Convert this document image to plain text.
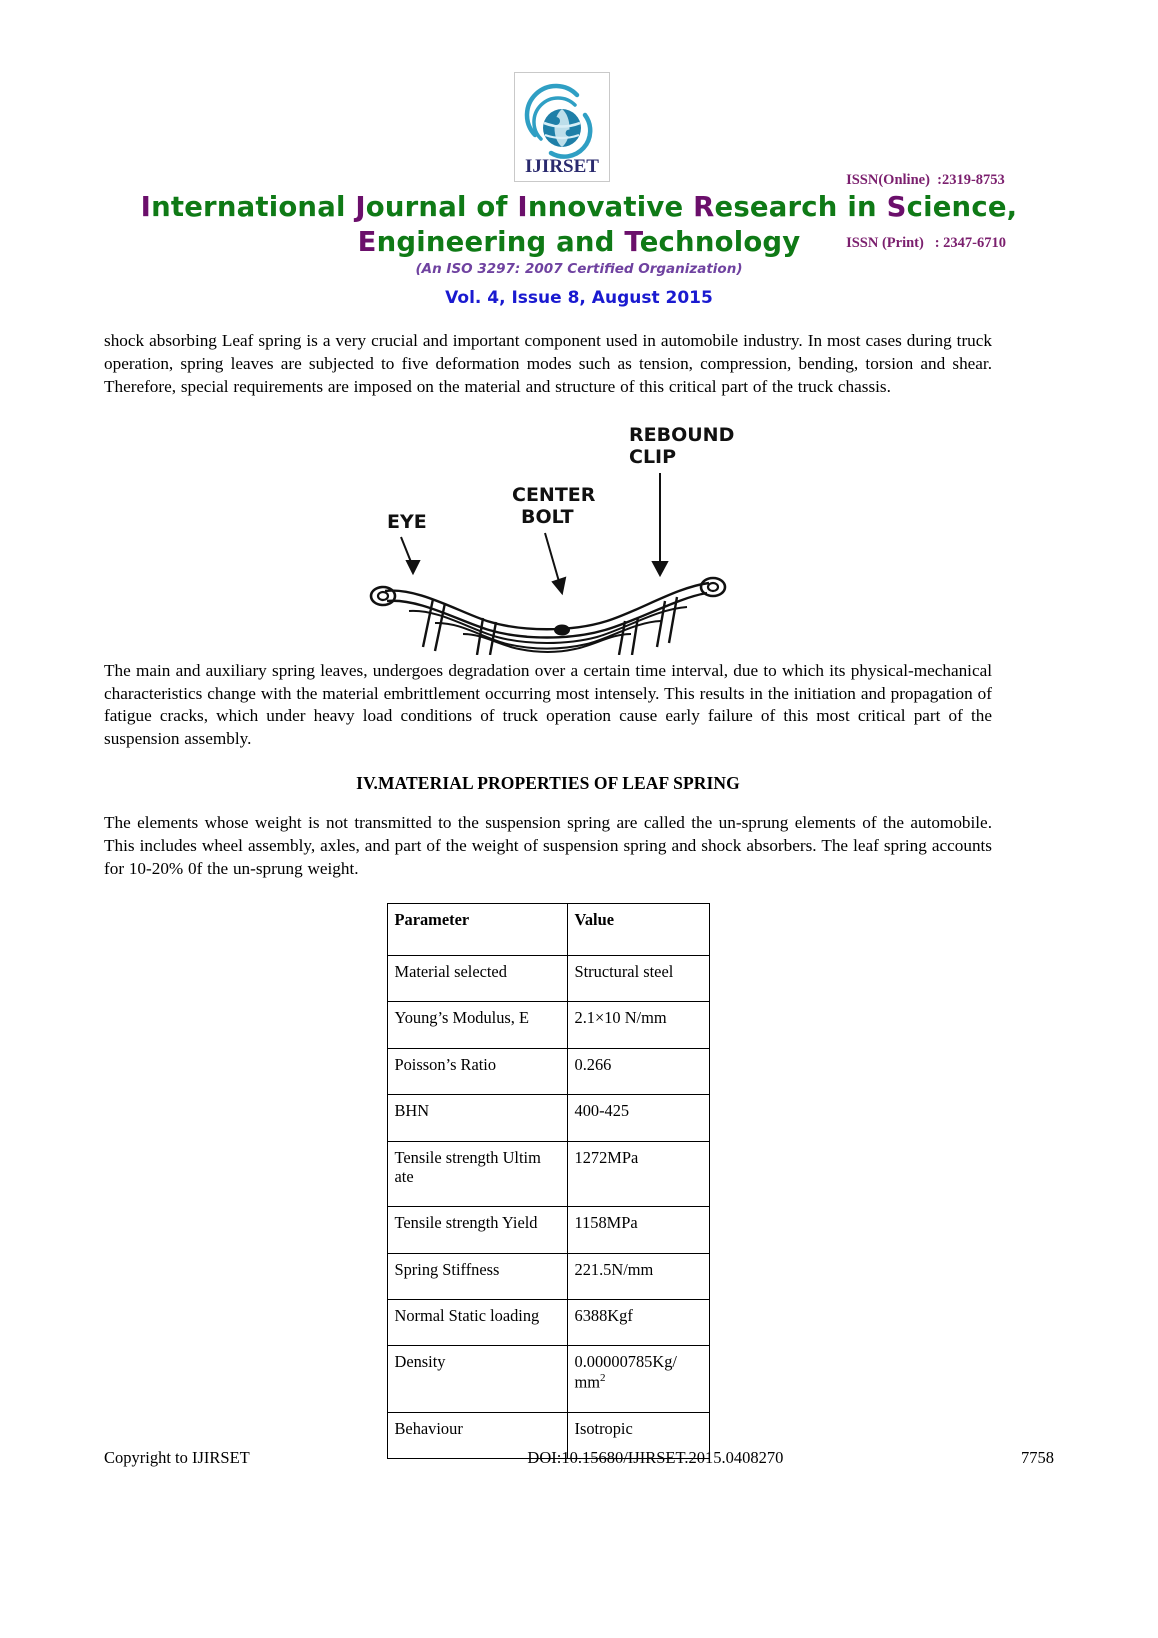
IJIRSET

ISSN(Online)  :2319-8753

ISSN (Print)   : 2347-6710

International Journal of Innovative Research in Science,
Engineering and Technology
(An ISO 3297: 2007 Certified Organization)
Vol. 4, Issue 8, August 2015

shock absorbing Leaf spring is a very crucial and important component used in automobile industry. In most cases during truck operation, spring leaves are subjected to five deformation modes such as tension, compression, bending, torsion and shear. Therefore, special requirements are imposed on the material and structure of this critical part of the truck chassis.

EYE
CENTER
BOLT
REBOUND
CLIP

The main and auxiliary spring leaves, undergoes degradation over a certain time interval, due to which its physical-mechanical characteristics change with the material embrittlement occurring most intensely. This results in the initiation and propagation of fatigue cracks, which under heavy load conditions of truck operation cause early failure of this most critical part of the suspension assembly.

IV.MATERIAL PROPERTIES OF LEAF SPRING

The elements whose weight is not transmitted to the suspension spring are called the un-sprung elements of the automobile. This includes wheel assembly, axles, and part of the weight of suspension spring and shock absorbers. The leaf spring accounts for 10-20% 0f the un-sprung weight.

Parameter	Value
Material selected	Structural steel
Young’s Modulus, E	2.1×10 N/mm
Poisson’s Ratio	0.266
BHN	400-425
Tensile strength Ultim ate	1272MPa
Tensile strength Yield	1158MPa
Spring Stiffness	221.5N/mm
Normal Static loading	6388Kgf
Density	0.00000785Kg/
$mm^2$
Behaviour	Isotropic
Copyright to IJIRSET	DOI:10.15680/IJIRSET.2015.0408270	7758
